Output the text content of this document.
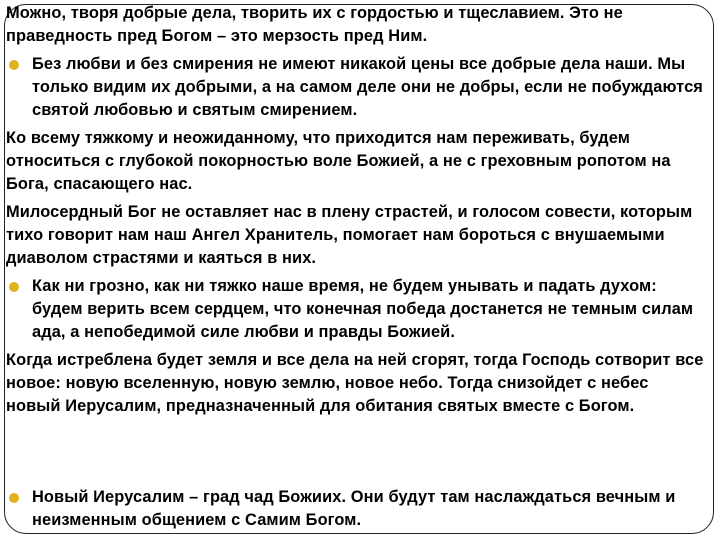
Можно, творя добрые дела, творить их с гордостью и тщеславием. Это не праведность пред Богом – это мерзость пред Ним.

Без любви и без смирения не имеют никакой цены все добрые дела наши. Мы только видим их добрыми, а на самом деле они не добры, если не побуждаются святой любовью и святым смирением.

Ко всему тяжкому и неожиданному, что приходится нам переживать, будем относиться с глубокой покорностью воле Божией, а не с греховным ропотом на Бога, спасающего нас.

Милосердный Бог не оставляет нас в плену страстей, и голосом совести, которым тихо говорит нам наш Ангел Хранитель, помогает нам бороться с внушаемыми диаволом страстями и каяться в них.

Как ни грозно, как ни тяжко наше время, не будем унывать и падать духом: будем верить всем сердцем, что конечная победа достанется не темным силам ада, а непобедимой силе любви и правды Божией.

Когда истреблена будет земля и все дела на ней сгорят, тогда Господь сотворит все новое: новую вселенную, новую землю, новое небо. Тогда снизойдет с небес новый Иерусалим, предназначенный для обитания святых вместе с Богом.

Новый Иерусалим – град чад Божиих. Они будут там наслаждаться вечным и неизменным общением с Самим Богом.
